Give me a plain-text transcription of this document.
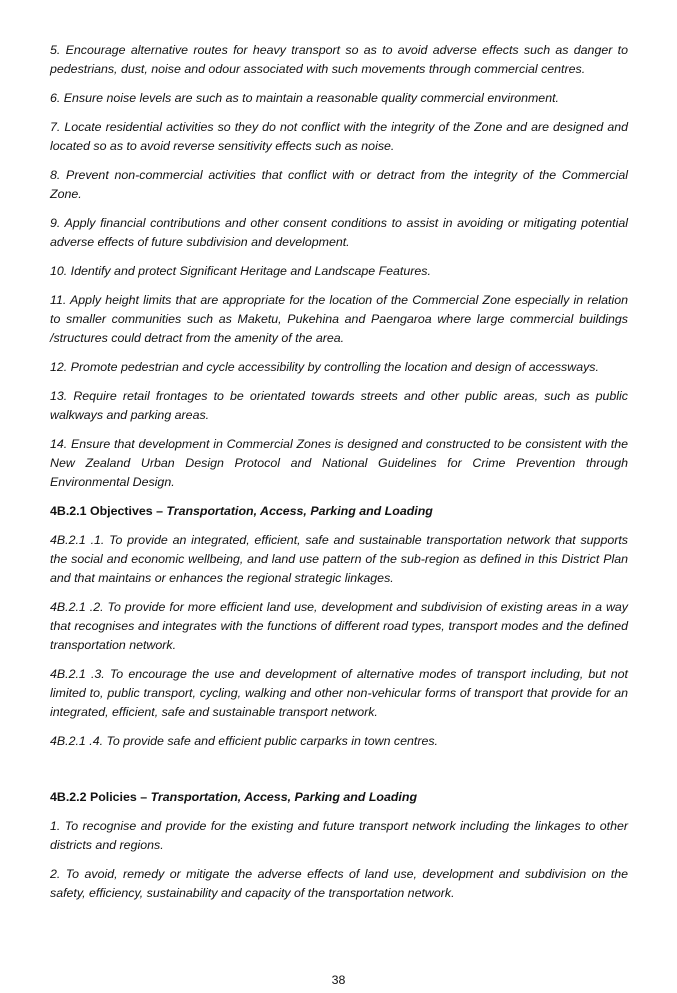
5. Encourage alternative routes for heavy transport so as to avoid adverse effects such as danger to pedestrians, dust, noise and odour associated with such movements through commercial centres.

6. Ensure noise levels are such as to maintain a reasonable quality commercial environment.

7. Locate residential activities so they do not conflict with the integrity of the Zone and are designed and located so as to avoid reverse sensitivity effects such as noise.

8. Prevent non-commercial activities that conflict with or detract from the integrity of the Commercial Zone.

9. Apply financial contributions and other consent conditions to assist in avoiding or mitigating potential adverse effects of future subdivision and development.

10. Identify and protect Significant Heritage and Landscape Features.

11. Apply height limits that are appropriate for the location of the Commercial Zone especially in relation to smaller communities such as Maketu, Pukehina and Paengaroa where large commercial buildings /structures could detract from the amenity of the area.

12. Promote pedestrian and cycle accessibility by controlling the location and design of accessways.

13. Require retail frontages to be orientated towards streets and other public areas, such as public walkways and parking areas.

14. Ensure that development in Commercial Zones is designed and constructed to be consistent with the New Zealand Urban Design Protocol and National Guidelines for Crime Prevention through Environmental Design.

4B.2.1 Objectives – Transportation, Access, Parking and Loading

4B.2.1 .1. To provide an integrated, efficient, safe and sustainable transportation network that supports the social and economic wellbeing, and land use pattern of the sub-region as defined in this District Plan and that maintains or enhances the regional strategic linkages.

4B.2.1 .2. To provide for more efficient land use, development and subdivision of existing areas in a way that recognises and integrates with the functions of different road types, transport modes and the defined transportation network.

4B.2.1 .3. To encourage the use and development of alternative modes of transport including, but not limited to, public transport, cycling, walking and other non-vehicular forms of transport that provide for an integrated, efficient, safe and sustainable transport network.

4B.2.1 .4. To provide safe and efficient public carparks in town centres.

4B.2.2 Policies – Transportation, Access, Parking and Loading

1. To recognise and provide for the existing and future transport network including the linkages to other districts and regions.

2. To avoid, remedy or mitigate the adverse effects of land use, development and subdivision on the safety, efficiency, sustainability and capacity of the transportation network.

38
